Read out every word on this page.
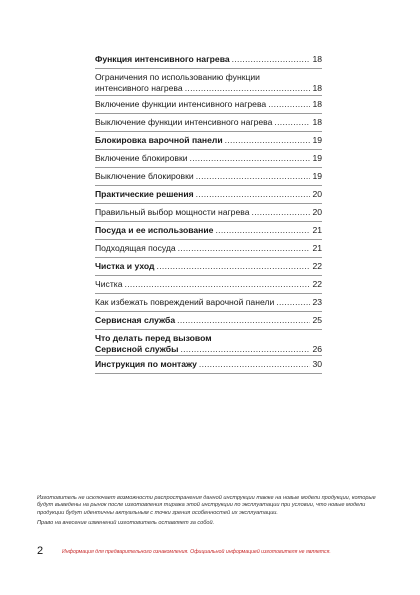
Функция интенсивного нагрева .....	18
Ограничения по использованию функции
интенсивного нагрева .....	18
Включение функции интенсивного нагрева .....	18
Выключение функции интенсивного нагрева .....	18
Блокировка варочной панели .....	19
Включение блокировки .....	19
Выключение блокировки .....	19
Практические решения .....	20
Правильный выбор мощности нагрева .....	20
Посуда и ее использование .....	21
Подходящая посуда .....	21
Чистка и уход .....	22
Чистка .....	22
Как избежать повреждений варочной панели .....	23
Сервисная служба .....	25
Что делать перед вызовом
Сервисной службы .....	26
Инструкция по монтажу .....	30

Изготовитель не исключает возможности распространения данной инструкции также на новые модели продукции, которые будут выведены на рынок после изготовления тиража этой инструкции по эксплуатации при условии, что новые модели продукции будут идентичны актуальным с точки зрения особенностей их эксплуатации.

Право на внесение изменений изготовитель оставляет за собой.

2	Информация для предварительного ознакомления. Официальной информацией изготовителя не является.
